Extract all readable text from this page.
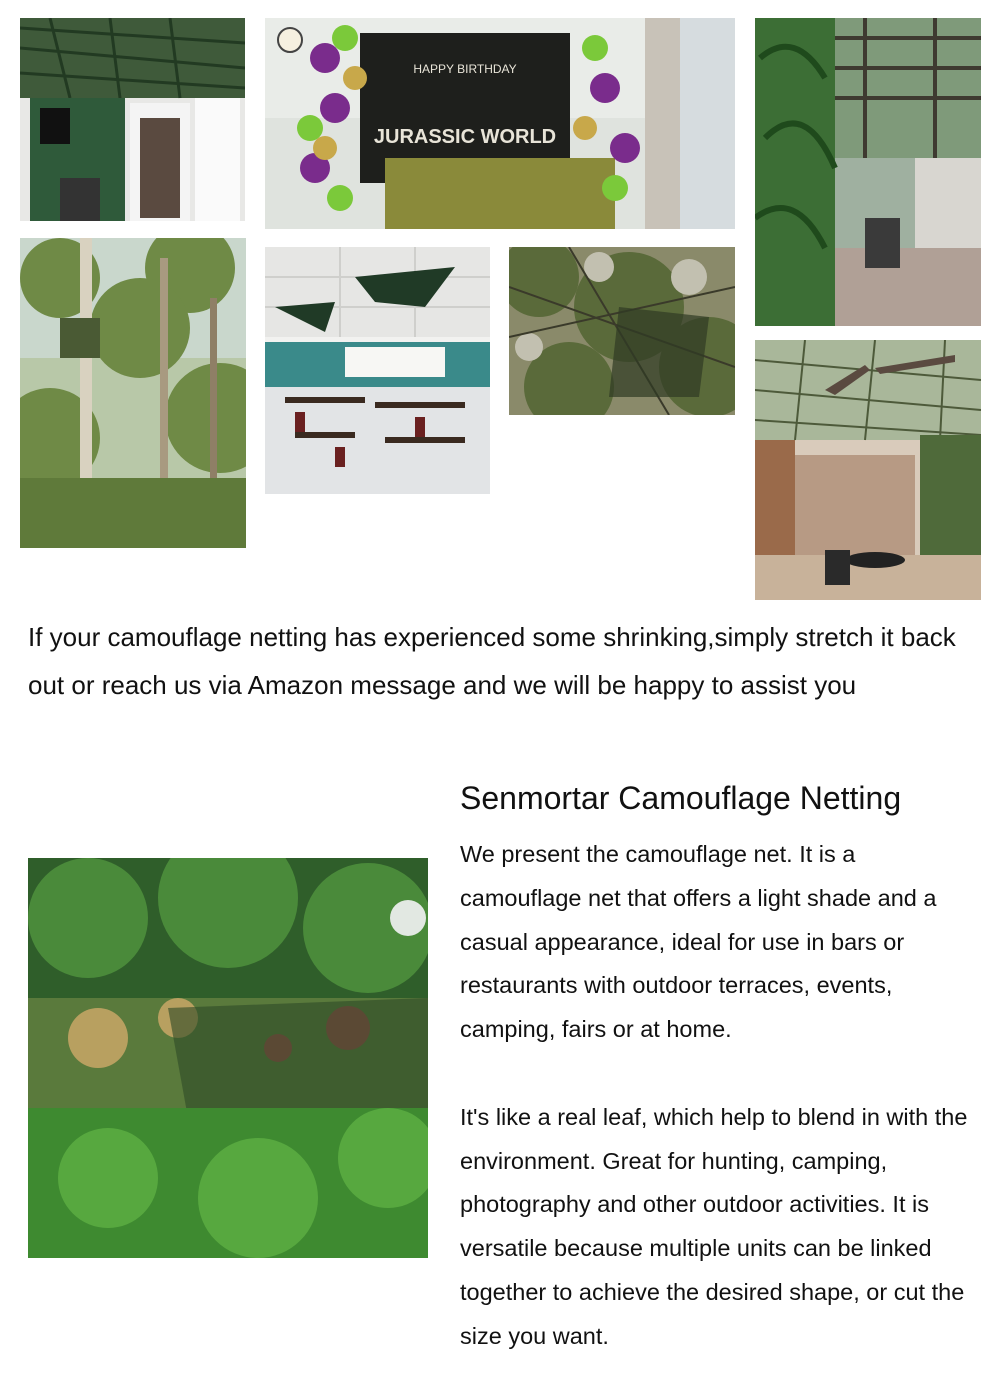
JURASSIC WORLD
HAPPY BIRTHDAY

If your camouflage netting has experienced some shrinking,simply stretch it back out or reach us via Amazon message and we will be happy to assist you

Senmortar Camouflage Netting

We present the camouflage net. It is a camouflage net that offers a light shade and a casual appearance, ideal for use in bars or restaurants with outdoor terraces, events, camping, fairs or at home.

It's like a real leaf, which help to blend in with the environment. Great for hunting, camping, photography and other outdoor activities. It is versatile because multiple units can be linked together to achieve the desired shape, or cut the size you want.
